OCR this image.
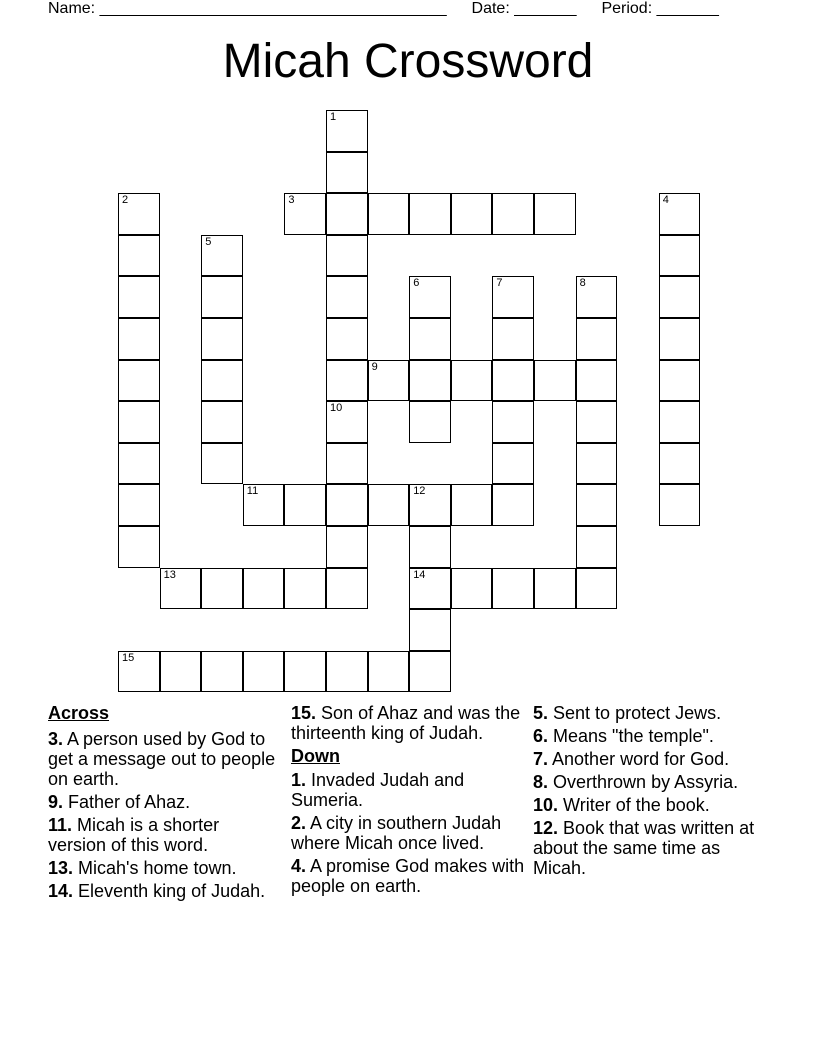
Name: _______________________________________ Date: _______ Period: _______
Micah Crossword
1
10
2	3	4
5
6	7	8
9
11	12
14
13
15
Across
3. A person used by God to get a message out to people on earth.
9. Father of Ahaz.
11. Micah is a shorter version of this word.
13. Micah's home town.
14. Eleventh king of Judah.
15. Son of Ahaz and was the thirteenth king of Judah.
Down
1. Invaded Judah and Sumeria.
2. A city in southern Judah where Micah once lived.
4. A promise God makes with people on earth.
5. Sent to protect Jews.
6. Means "the temple".
7. Another word for God.
8. Overthrown by Assyria.
10. Writer of the book.
12. Book that was written at about the same time as Micah.
